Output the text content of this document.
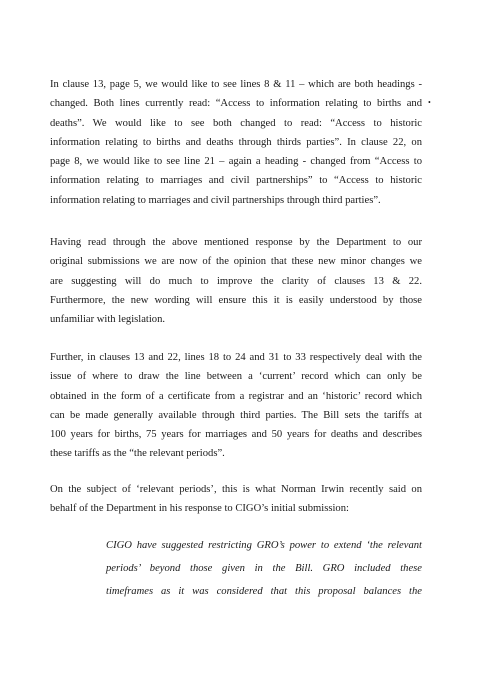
In clause 13, page 5, we would like to see lines 8 & 11 – which are both headings -
changed. Both lines currently read: “Access to information relating to births and
deaths”. We would like to see both changed to read: “Access to historic
information relating to births and deaths through thirds parties”. In clause 22, on
page 8, we would like to see line 21 – again a heading - changed from “Access to
information relating to marriages and civil partnerships” to “Access to historic
information relating to marriages and civil partnerships through third parties”.
•
Having read through the above mentioned response by the Department to our
original submissions we are now of the opinion that these new minor changes we
are suggesting will do much to improve the clarity of clauses 13 & 22.
Furthermore, the new wording will ensure this it is easily understood by those
unfamiliar with legislation.
Further, in clauses 13 and 22, lines 18 to 24 and 31 to 33 respectively deal with the
issue of where to draw the line between a ‘current’ record which can only be
obtained in the form of a certificate from a registrar and an ‘historic’ record which
can be made generally available through third parties. The Bill sets the tariffs at
100 years for births, 75 years for marriages and 50 years for deaths and describes
these tariffs as the “the relevant periods”.
On the subject of ‘relevant periods’, this is what Norman Irwin recently said on
behalf of the Department in his response to CIGO’s initial submission:
CIGO have suggested restricting GRO’s power to extend ‘the relevant
periods’ beyond those given in the Bill. GRO included these
timeframes as it was considered that this proposal balances the
